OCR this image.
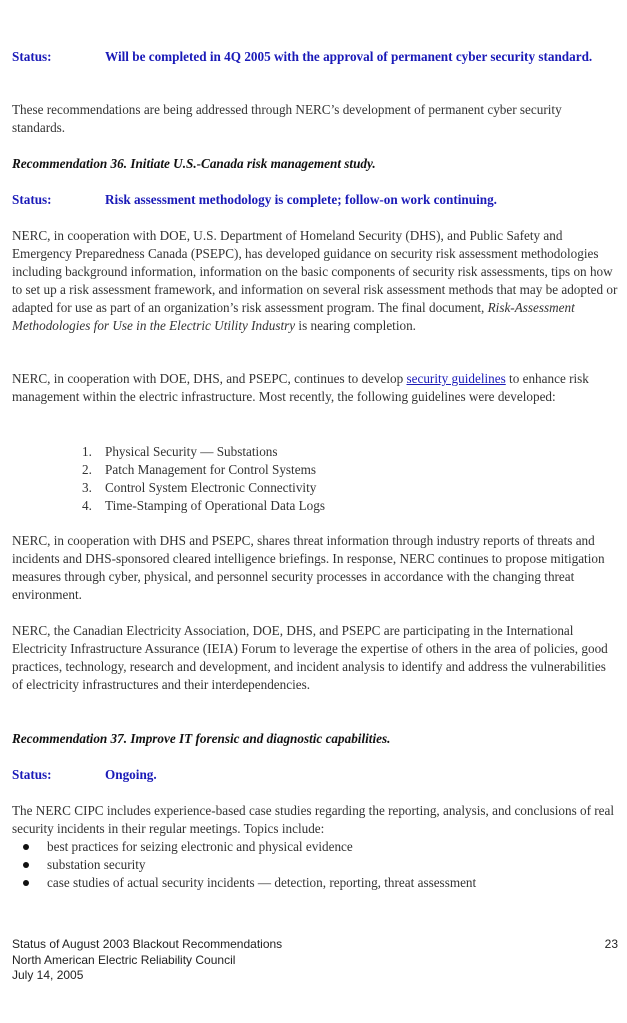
Status:	Will be completed in 4Q 2005 with the approval of permanent cyber security standard.

These recommendations are being addressed through NERC’s development of permanent cyber security standards.

Recommendation 36. Initiate U.S.-Canada risk management study.

Status:	Risk assessment methodology is complete; follow-on work continuing.

NERC, in cooperation with DOE, U.S. Department of Homeland Security (DHS), and Public Safety and Emergency Preparedness Canada (PSEPC), has developed guidance on security risk assessment methodologies including background information, information on the basic components of security risk assessments, tips on how to set up a risk assessment framework, and information on several risk assessment methods that may be adopted or adapted for use as part of an organization’s risk assessment program. The final document, Risk-Assessment Methodologies for Use in the Electric Utility Industry is nearing completion.

NERC, in cooperation with DOE, DHS, and PSEPC, continues to develop security guidelines to enhance risk management within the electric infrastructure. Most recently, the following guidelines were developed:

1. Physical Security — Substations
2. Patch Management for Control Systems
3. Control System Electronic Connectivity
4. Time-Stamping of Operational Data Logs

NERC, in cooperation with DHS and PSEPC, shares threat information through industry reports of threats and incidents and DHS-sponsored cleared intelligence briefings. In response, NERC continues to propose mitigation measures through cyber, physical, and personnel security processes in accordance with the changing threat environment.

NERC, the Canadian Electricity Association, DOE, DHS, and PSEPC are participating in the International Electricity Infrastructure Assurance (IEIA) Forum to leverage the expertise of others in the area of policies, good practices, technology, research and development, and incident analysis to identify and address the vulnerabilities of electricity infrastructures and their interdependencies.

Recommendation 37. Improve IT forensic and diagnostic capabilities.

Status:	Ongoing.

The NERC CIPC includes experience-based case studies regarding the reporting, analysis, and conclusions of real security incidents in their regular meetings. Topics include:

best practices for seizing electronic and physical evidence
substation security
case studies of actual security incidents — detection, reporting, threat assessment
Status of August 2003 Blackout Recommendations
North American Electric Reliability Council
July 14, 2005
23
